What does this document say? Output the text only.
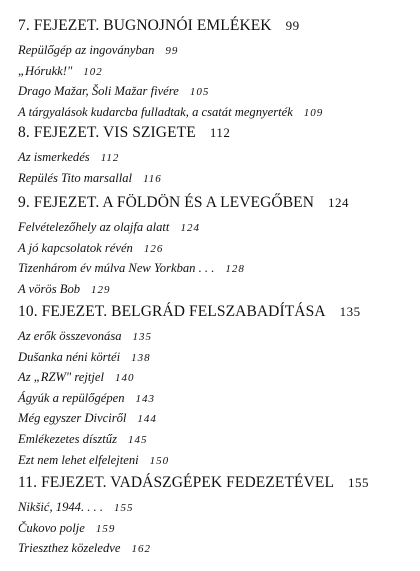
7. FEJEZET. BUGNOJNÓI EMLÉKEK 99
Repülőgép az ingoványban 99
„Hórukk!" 102
Drago Mažar, Šoli Mažar fivére 105
A tárgyalások kudarcba fulladtak, a csatát megnyerték 109
8. FEJEZET. VIS SZIGETE 112
Az ismerkedés 112
Repülés Tito marsallal 116
9. FEJEZET. A FÖLDÖN ÉS A LEVEGŐBEN 124
Felvételezőhely az olajfa alatt 124
A jó kapcsolatok révén 126
Tizenhárom év múlva New Yorkban . . . 128
A vörös Bob 129
10. FEJEZET. BELGRÁD FELSZABADÍTÁSA 135
Az erők összevonása 135
Dušanka néni körtéi 138
Az „RZW" rejtjel 140
Ágyúk a repülőgépen 143
Még egyszer Divciről 144
Emlékezetes dísztűz 145
Ezt nem lehet elfelejteni 150
11. FEJEZET. VADÁSZGÉPEK FEDEZETÉVEL 155
Nikšić, 1944. . . . 155
Čukovo polje 159
Trieszthez közeledve 162
